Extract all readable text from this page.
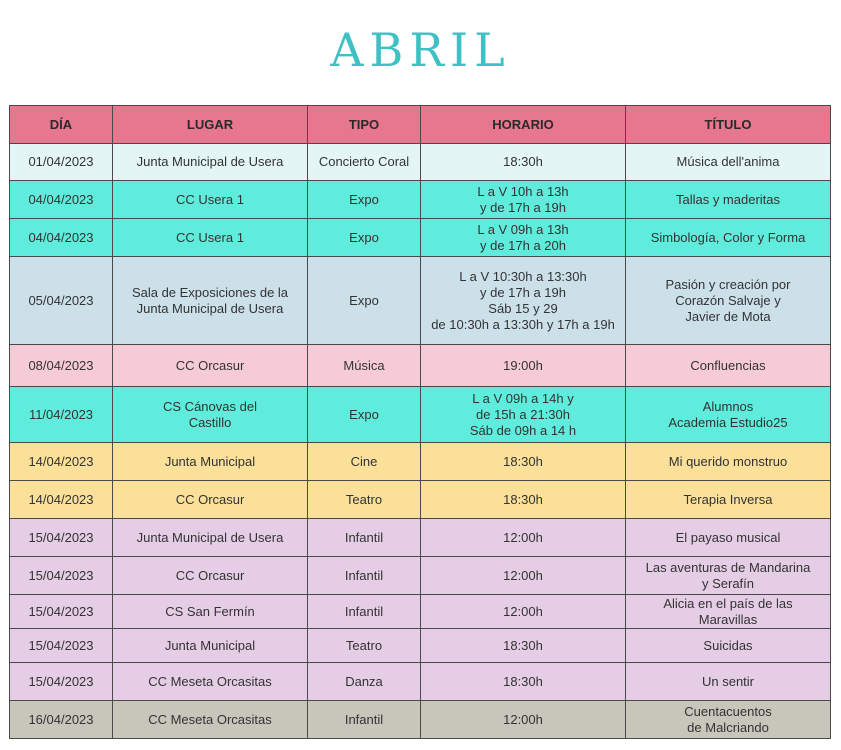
ABRIL
DÍA	LUGAR	TIPO	HORARIO	TÍTULO
01/04/2023	Junta Municipal de Usera	Concierto Coral	18:30h	Música dell'anima
04/04/2023	CC Usera 1	Expo	L a V 10h a 13h
y de 17h a 19h	Tallas y maderitas
04/04/2023	CC Usera 1	Expo	L a V 09h a 13h
y de 17h a 20h	Simbología, Color y Forma
05/04/2023	Sala de Exposiciones de la
Junta Municipal de Usera	Expo	L a V 10:30h a 13:30h
y de 17h a 19h
Sáb 15 y 29
de 10:30h a 13:30h y 17h a 19h	Pasión y creación por
Corazón Salvaje y
Javier de Mota
08/04/2023	CC Orcasur	Música	19:00h	Confluencias
11/04/2023	CS Cánovas del
Castillo	Expo	L a V 09h a 14h y
de 15h a 21:30h
Sáb de 09h a 14 h	Alumnos
Academia Estudio25
14/04/2023	Junta Municipal	Cine	18:30h	Mi querido monstruo
14/04/2023	CC Orcasur	Teatro	18:30h	Terapia Inversa
15/04/2023	Junta Municipal de Usera	Infantil	12:00h	El payaso musical
15/04/2023	CC Orcasur	Infantil	12:00h	Las aventuras de Mandarina
y Serafín
15/04/2023	CS San Fermín	Infantil	12:00h	Alicia en el país de las
Maravillas
15/04/2023	Junta Municipal	Teatro	18:30h	Suicidas
15/04/2023	CC Meseta Orcasitas	Danza	18:30h	Un sentir
16/04/2023	CC Meseta Orcasitas	Infantil	12:00h	Cuentacuentos
de Malcriando
